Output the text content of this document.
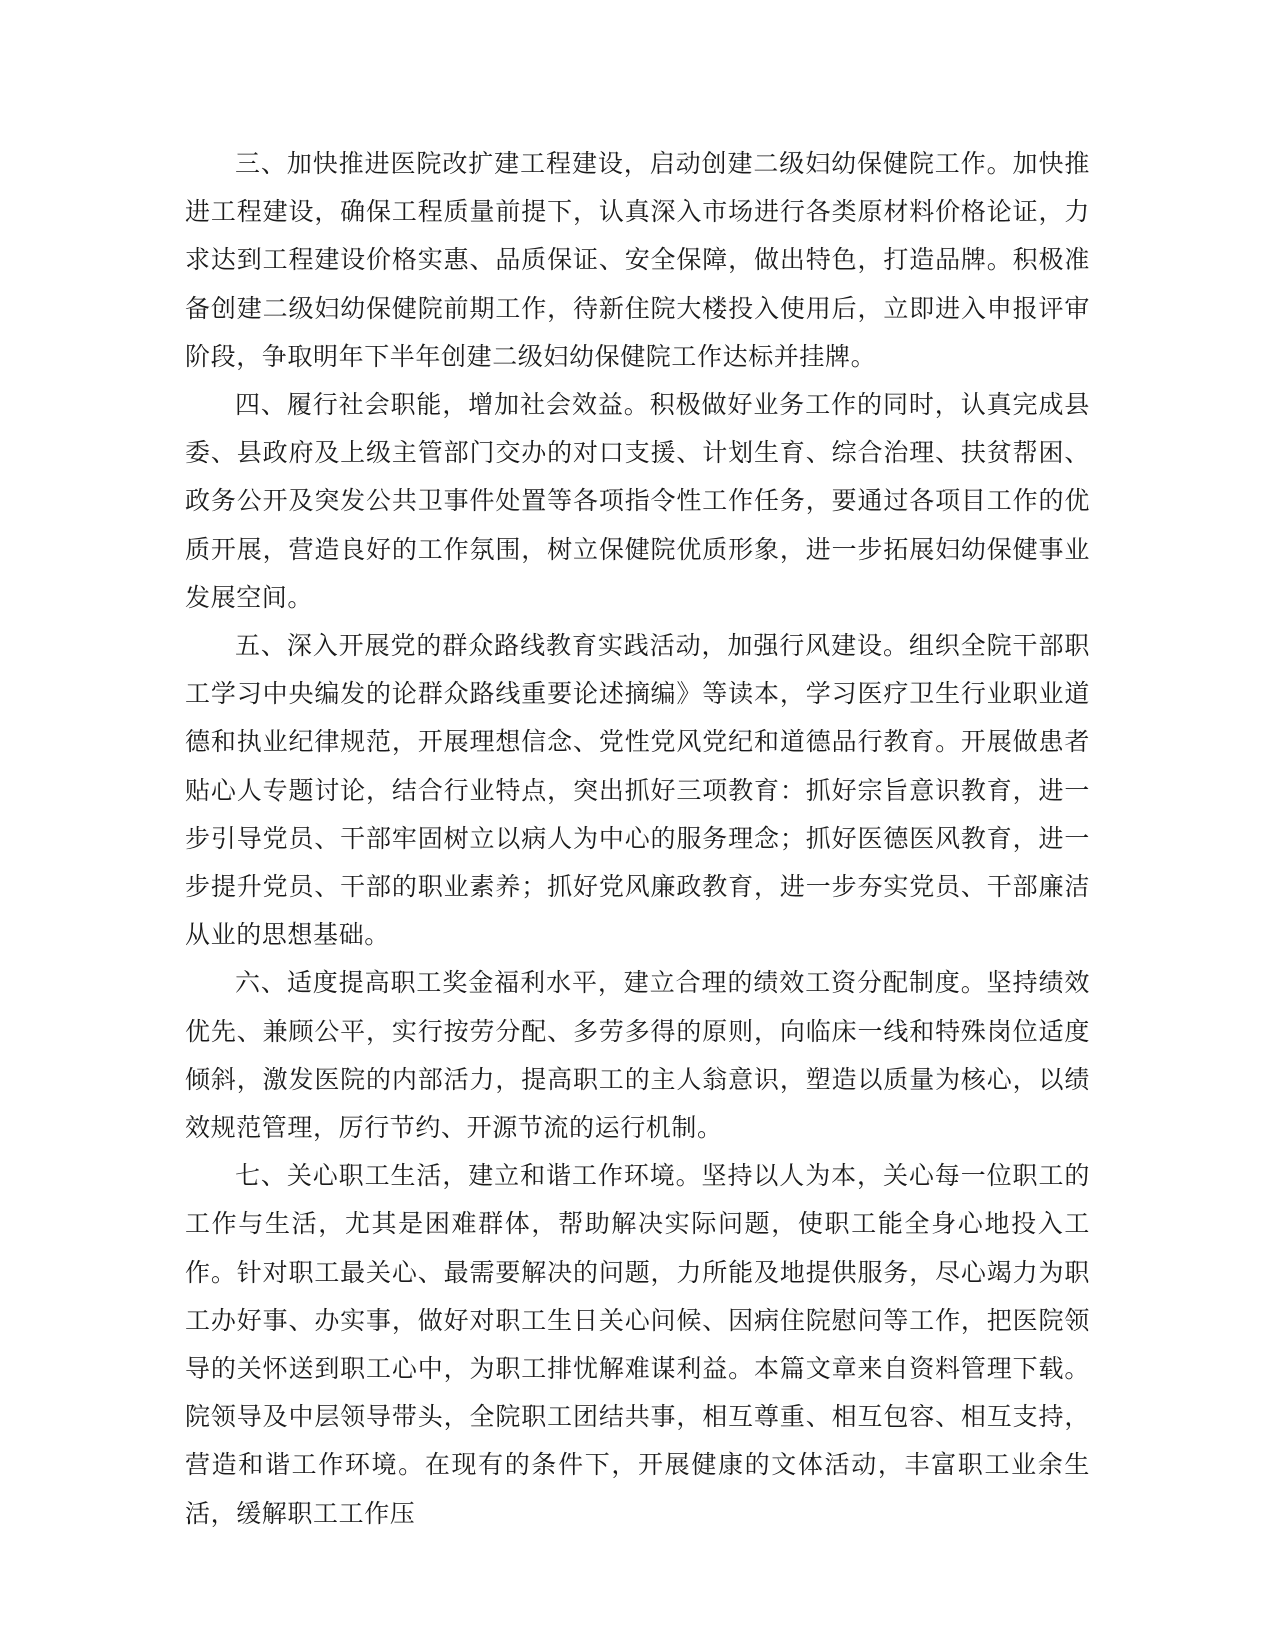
三、加快推进医院改扩建工程建设，启动创建二级妇幼保健院工作。加快推进工程建设，确保工程质量前提下，认真深入市场进行各类原材料价格论证，力求达到工程建设价格实惠、品质保证、安全保障，做出特色，打造品牌。积极准备创建二级妇幼保健院前期工作，待新住院大楼投入使用后，立即进入申报评审阶段，争取明年下半年创建二级妇幼保健院工作达标并挂牌。

四、履行社会职能，增加社会效益。积极做好业务工作的同时，认真完成县委、县政府及上级主管部门交办的对口支援、计划生育、综合治理、扶贫帮困、政务公开及突发公共卫事件处置等各项指令性工作任务，要通过各项目工作的优质开展，营造良好的工作氛围，树立保健院优质形象，进一步拓展妇幼保健事业发展空间。

五、深入开展党的群众路线教育实践活动，加强行风建设。组织全院干部职工学习中央编发的论群众路线重要论述摘编》等读本，学习医疗卫生行业职业道德和执业纪律规范，开展理想信念、党性党风党纪和道德品行教育。开展做患者贴心人专题讨论，结合行业特点，突出抓好三项教育：抓好宗旨意识教育，进一步引导党员、干部牢固树立以病人为中心的服务理念；抓好医德医风教育，进一步提升党员、干部的职业素养；抓好党风廉政教育，进一步夯实党员、干部廉洁从业的思想基础。

六、适度提高职工奖金福利水平，建立合理的绩效工资分配制度。坚持绩效优先、兼顾公平，实行按劳分配、多劳多得的原则，向临床一线和特殊岗位适度倾斜，激发医院的内部活力，提高职工的主人翁意识，塑造以质量为核心，以绩效规范管理，厉行节约、开源节流的运行机制。

七、关心职工生活，建立和谐工作环境。坚持以人为本，关心每一位职工的工作与生活，尤其是困难群体，帮助解决实际问题，使职工能全身心地投入工作。针对职工最关心、最需要解决的问题，力所能及地提供服务，尽心竭力为职工办好事、办实事，做好对职工生日关心问候、因病住院慰问等工作，把医院领导的关怀送到职工心中，为职工排忧解难谋利益。本篇文章来自资料管理下载。院领导及中层领导带头，全院职工团结共事，相互尊重、相互包容、相互支持，营造和谐工作环境。在现有的条件下，开展健康的文体活动，丰富职工业余生活，缓解职工工作压
